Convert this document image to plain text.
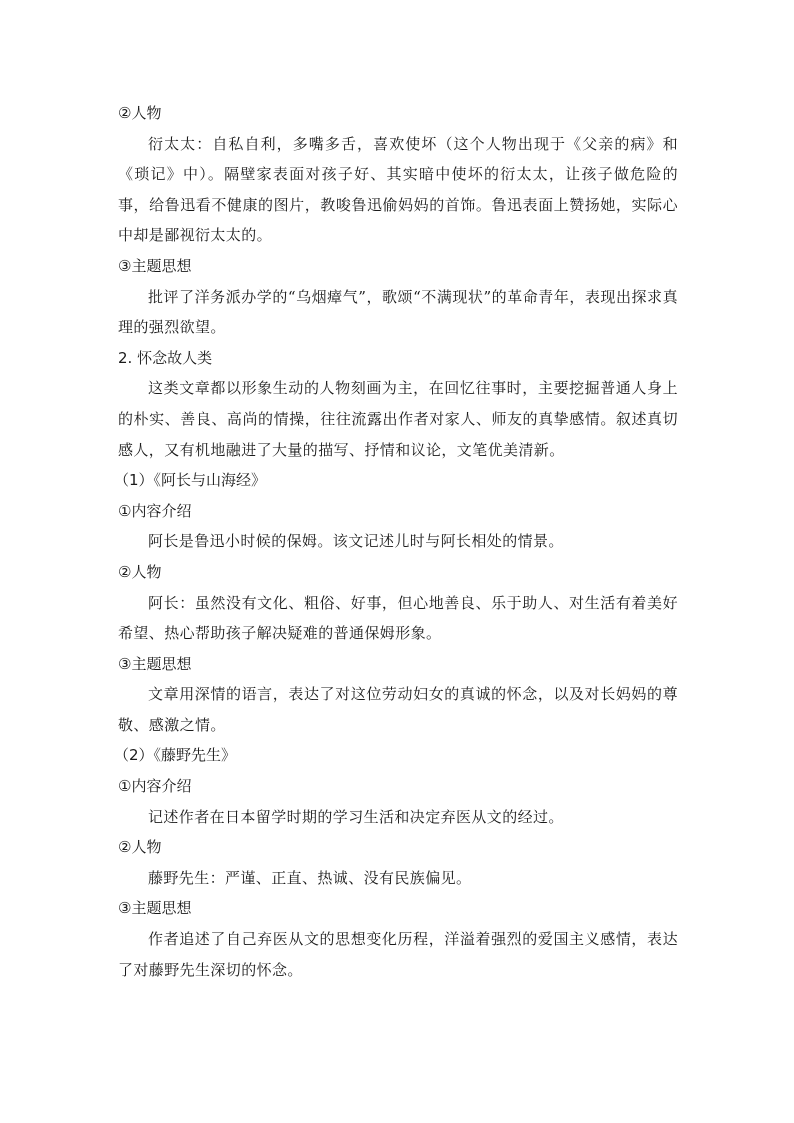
②人物

衍太太：自私自利，多嘴多舌，喜欢使坏（这个人物出现于《父亲的病》和《琐记》中）。隔壁家表面对孩子好、其实暗中使坏的衍太太，让孩子做危险的事，给鲁迅看不健康的图片，教唆鲁迅偷妈妈的首饰。鲁迅表面上赞扬她，实际心中却是鄙视衍太太的。

③主题思想

批评了洋务派办学的“乌烟瘴气”，歌颂“不满现状”的革命青年，表现出探求真理的强烈欲望。

2. 怀念故人类

这类文章都以形象生动的人物刻画为主，在回忆往事时，主要挖掘普通人身上的朴实、善良、高尚的情操，往往流露出作者对家人、师友的真挚感情。叙述真切感人，又有机地融进了大量的描写、抒情和议论，文笔优美清新。

（1）《阿长与山海经》

①内容介绍

阿长是鲁迅小时候的保姆。该文记述儿时与阿长相处的情景。

②人物

阿长：虽然没有文化、粗俗、好事，但心地善良、乐于助人、对生活有着美好希望、热心帮助孩子解决疑难的普通保姆形象。

③主题思想

文章用深情的语言，表达了对这位劳动妇女的真诚的怀念，以及对长妈妈的尊敬、感激之情。

（2）《藤野先生》

①内容介绍

记述作者在日本留学时期的学习生活和决定弃医从文的经过。

②人物

藤野先生：严谨、正直、热诚、没有民族偏见。

③主题思想

作者追述了自己弃医从文的思想变化历程，洋溢着强烈的爱国主义感情，表达了对藤野先生深切的怀念。
